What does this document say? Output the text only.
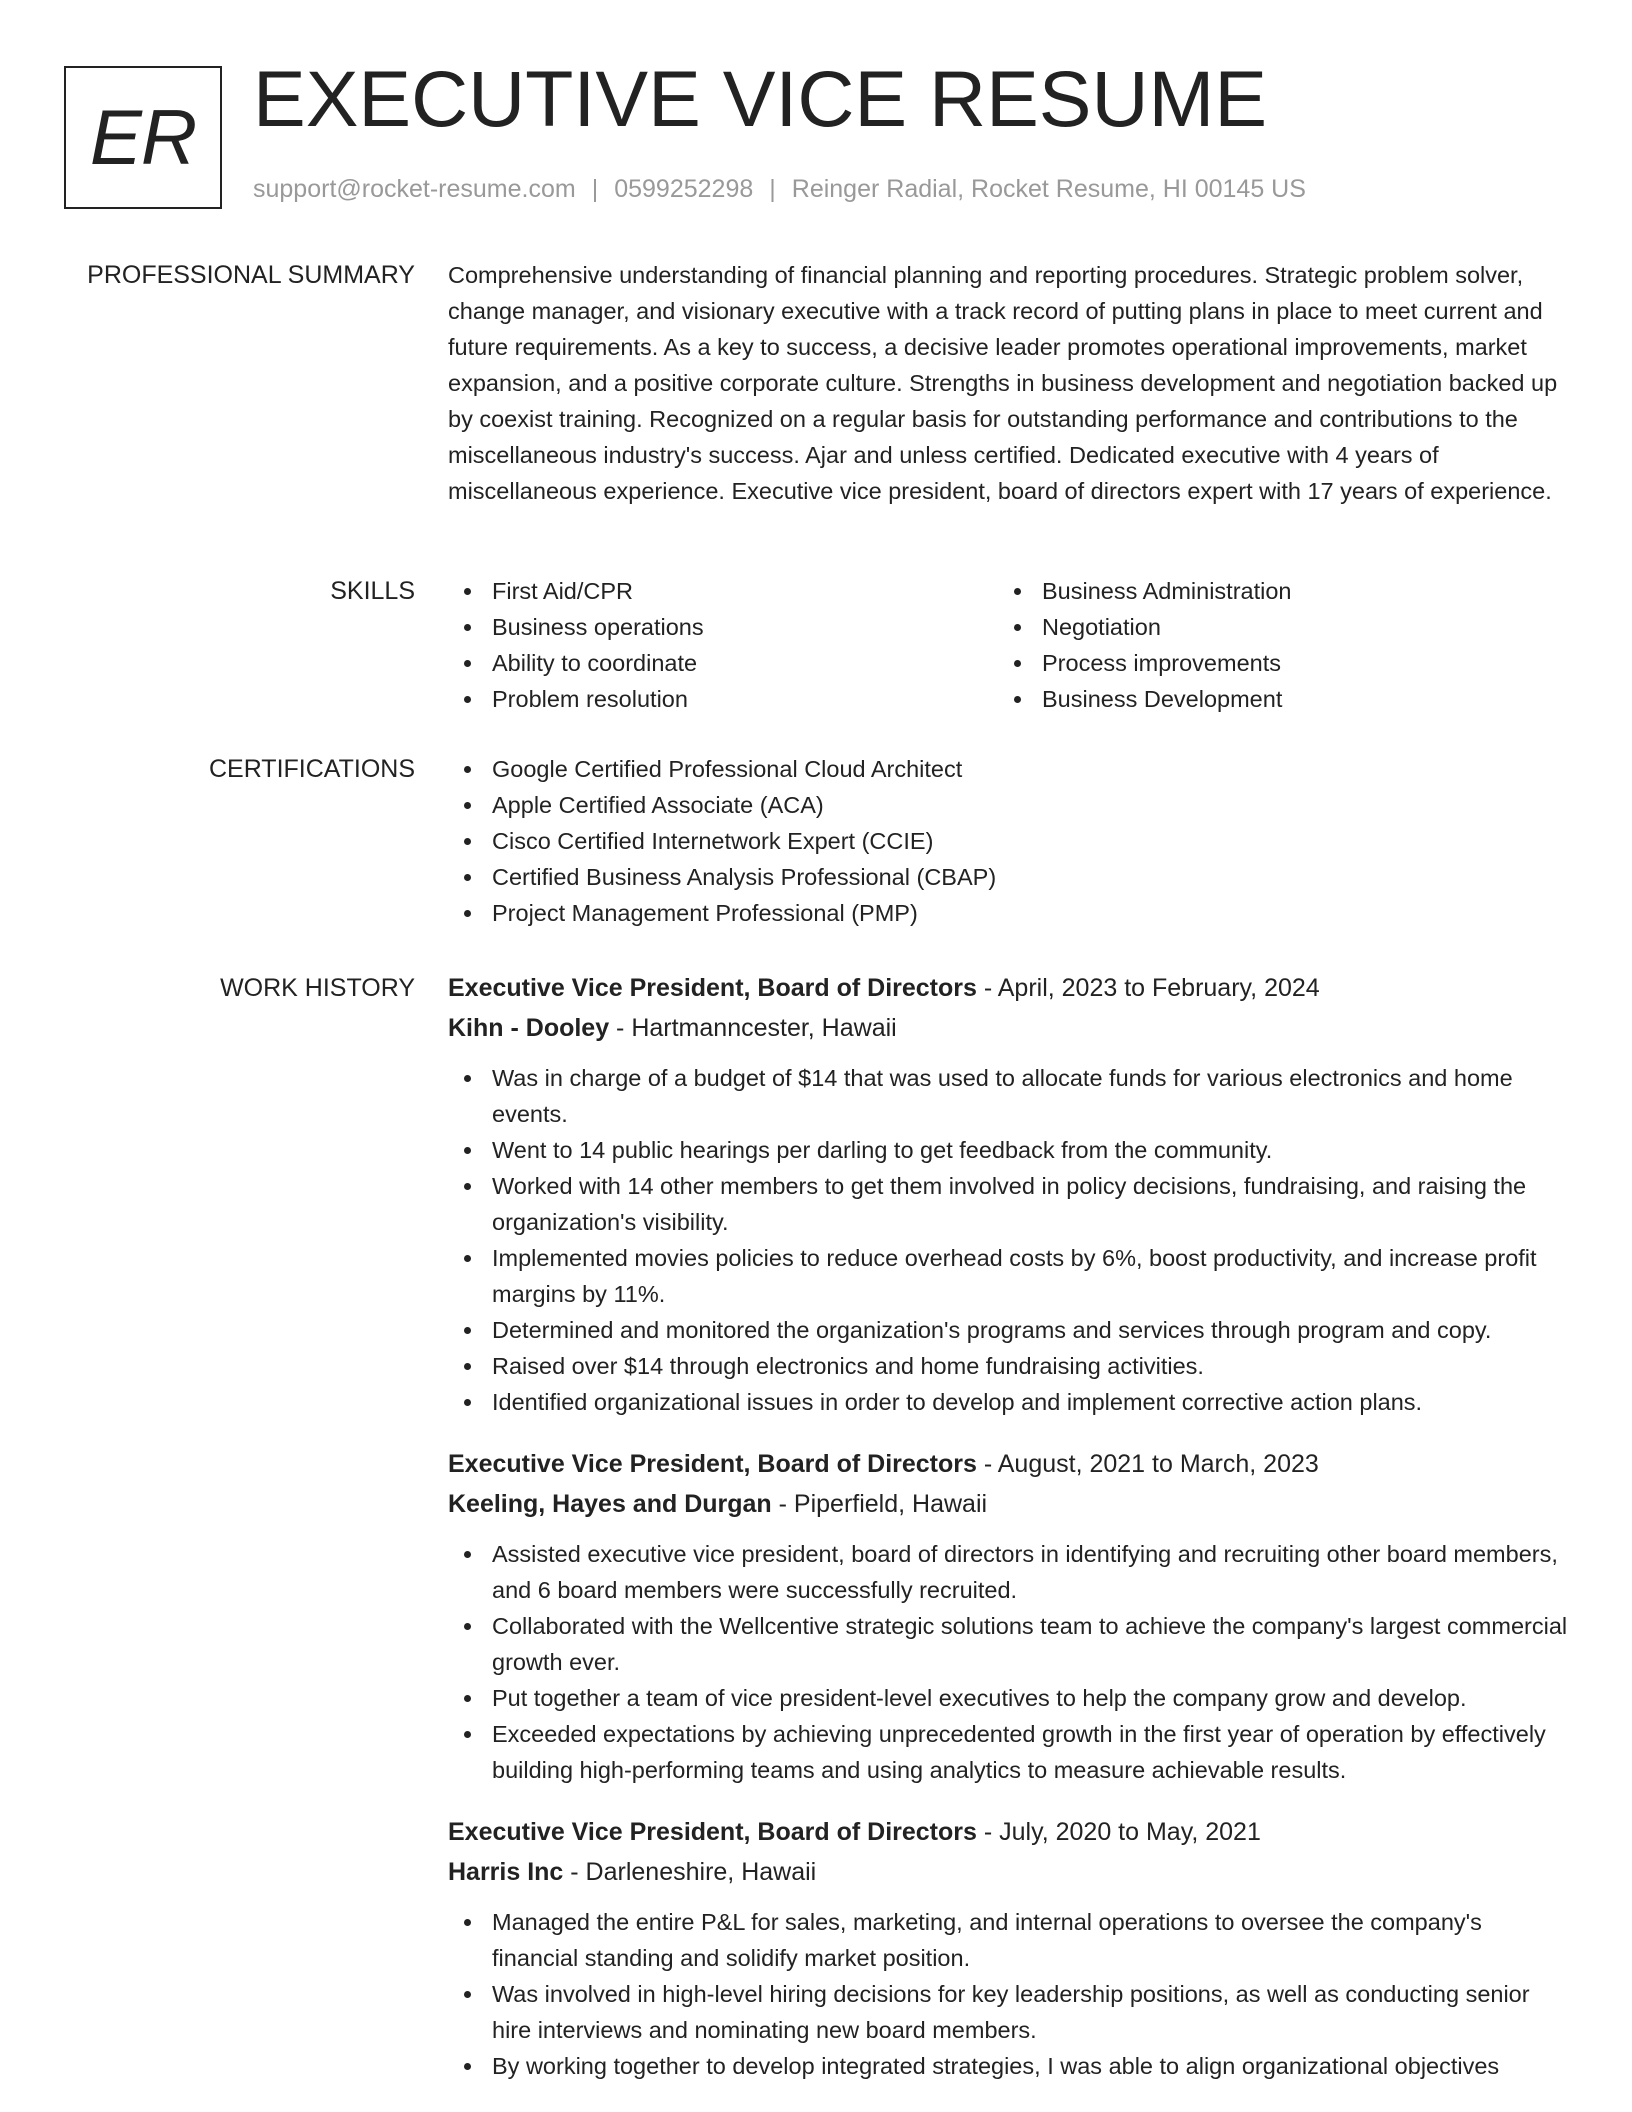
ER EXECUTIVE VICE RESUME
support@rocket-resume.com | 0599252298 | Reinger Radial, Rocket Resume, HI 00145 US
PROFESSIONAL SUMMARY Comprehensive understanding of financial planning and reporting procedures. Strategic problem solver, change manager, and visionary executive with a track record of putting plans in place to meet current and future requirements. As a key to success, a decisive leader promotes operational improvements, market expansion, and a positive corporate culture. Strengths in business development and negotiation backed up by coexist training. Recognized on a regular basis for outstanding performance and contributions to the miscellaneous industry's success. Ajar and unless certified. Dedicated executive with 4 years of miscellaneous experience. Executive vice president, board of directors expert with 17 years of experience.
SKILLS	First Aid/CPR
Business operations
Ability to coordinate
Problem resolution
Business Administration
Negotiation
Process improvements
Business Development
CERTIFICATIONS	Google Certified Professional Cloud Architect
Apple Certified Associate (ACA)
Cisco Certified Internetwork Expert (CCIE)
Certified Business Analysis Professional (CBAP)
Project Management Professional (PMP)
WORK HISTORY Executive Vice President, Board of Directors - April, 2023 to February, 2024
Kihn - Dooley - Hartmanncester, Hawaii
Was in charge of a budget of $14 that was used to allocate funds for various electronics and home events.
Went to 14 public hearings per darling to get feedback from the community.
Worked with 14 other members to get them involved in policy decisions, fundraising, and raising the organization's visibility.
Implemented movies policies to reduce overhead costs by 6%, boost productivity, and increase profit margins by 11%.
Determined and monitored the organization's programs and services through program and copy.
Raised over $14 through electronics and home fundraising activities.
Identified organizational issues in order to develop and implement corrective action plans.
Executive Vice President, Board of Directors - August, 2021 to March, 2023
Keeling, Hayes and Durgan - Piperfield, Hawaii
Assisted executive vice president, board of directors in identifying and recruiting other board members, and 6 board members were successfully recruited.
Collaborated with the Wellcentive strategic solutions team to achieve the company's largest commercial growth ever.
Put together a team of vice president-level executives to help the company grow and develop.
Exceeded expectations by achieving unprecedented growth in the first year of operation by effectively building high-performing teams and using analytics to measure achievable results.
Executive Vice President, Board of Directors - July, 2020 to May, 2021
Harris Inc - Darleneshire, Hawaii
Managed the entire P&L for sales, marketing, and internal operations to oversee the company's financial standing and solidify market position.
Was involved in high-level hiring decisions for key leadership positions, as well as conducting senior hire interviews and nominating new board members.
By working together to develop integrated strategies, I was able to align organizational objectives
